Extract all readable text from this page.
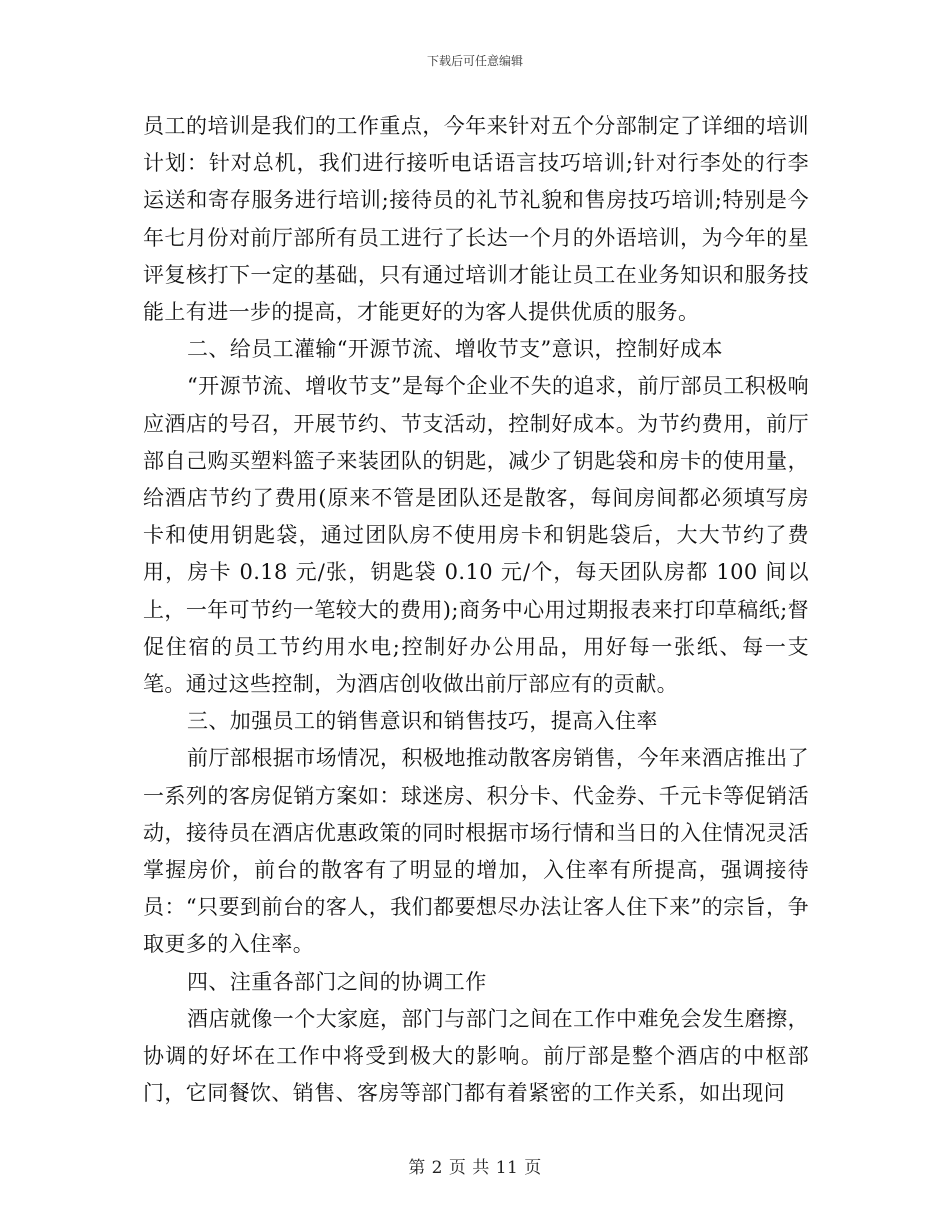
下载后可任意编辑

员工的培训是我们的工作重点，今年来针对五个分部制定了详细的培训计划：针对总机，我们进行接听电话语言技巧培训;针对行李处的行李运送和寄存服务进行培训;接待员的礼节礼貌和售房技巧培训;特别是今年七月份对前厅部所有员工进行了长达一个月的外语培训，为今年的星评复核打下一定的基础，只有通过培训才能让员工在业务知识和服务技能上有进一步的提高，才能更好的为客人提供优质的服务。

二、给员工灌输“开源节流、增收节支”意识，控制好成本

“开源节流、增收节支”是每个企业不失的追求，前厅部员工积极响应酒店的号召，开展节约、节支活动，控制好成本。为节约费用，前厅部自己购买塑料篮子来装团队的钥匙，减少了钥匙袋和房卡的使用量，给酒店节约了费用(原来不管是团队还是散客，每间房间都必须填写房卡和使用钥匙袋，通过团队房不使用房卡和钥匙袋后，大大节约了费用，房卡 0.18 元/张，钥匙袋 0.10 元/个，每天团队房都 100 间以上，一年可节约一笔较大的费用);商务中心用过期报表来打印草稿纸;督促住宿的员工节约用水电;控制好办公用品，用好每一张纸、每一支笔。通过这些控制，为酒店创收做出前厅部应有的贡献。

三、加强员工的销售意识和销售技巧，提高入住率

前厅部根据市场情况，积极地推动散客房销售，今年来酒店推出了一系列的客房促销方案如：球迷房、积分卡、代金券、千元卡等促销活动，接待员在酒店优惠政策的同时根据市场行情和当日的入住情况灵活掌握房价，前台的散客有了明显的增加，入住率有所提高，强调接待员：“只要到前台的客人，我们都要想尽办法让客人住下来”的宗旨，争取更多的入住率。

四、注重各部门之间的协调工作

酒店就像一个大家庭，部门与部门之间在工作中难免会发生磨擦，协调的好坏在工作中将受到极大的影响。前厅部是整个酒店的中枢部门，它同餐饮、销售、客房等部门都有着紧密的工作关系，如出现问

第 2 页 共 11 页
